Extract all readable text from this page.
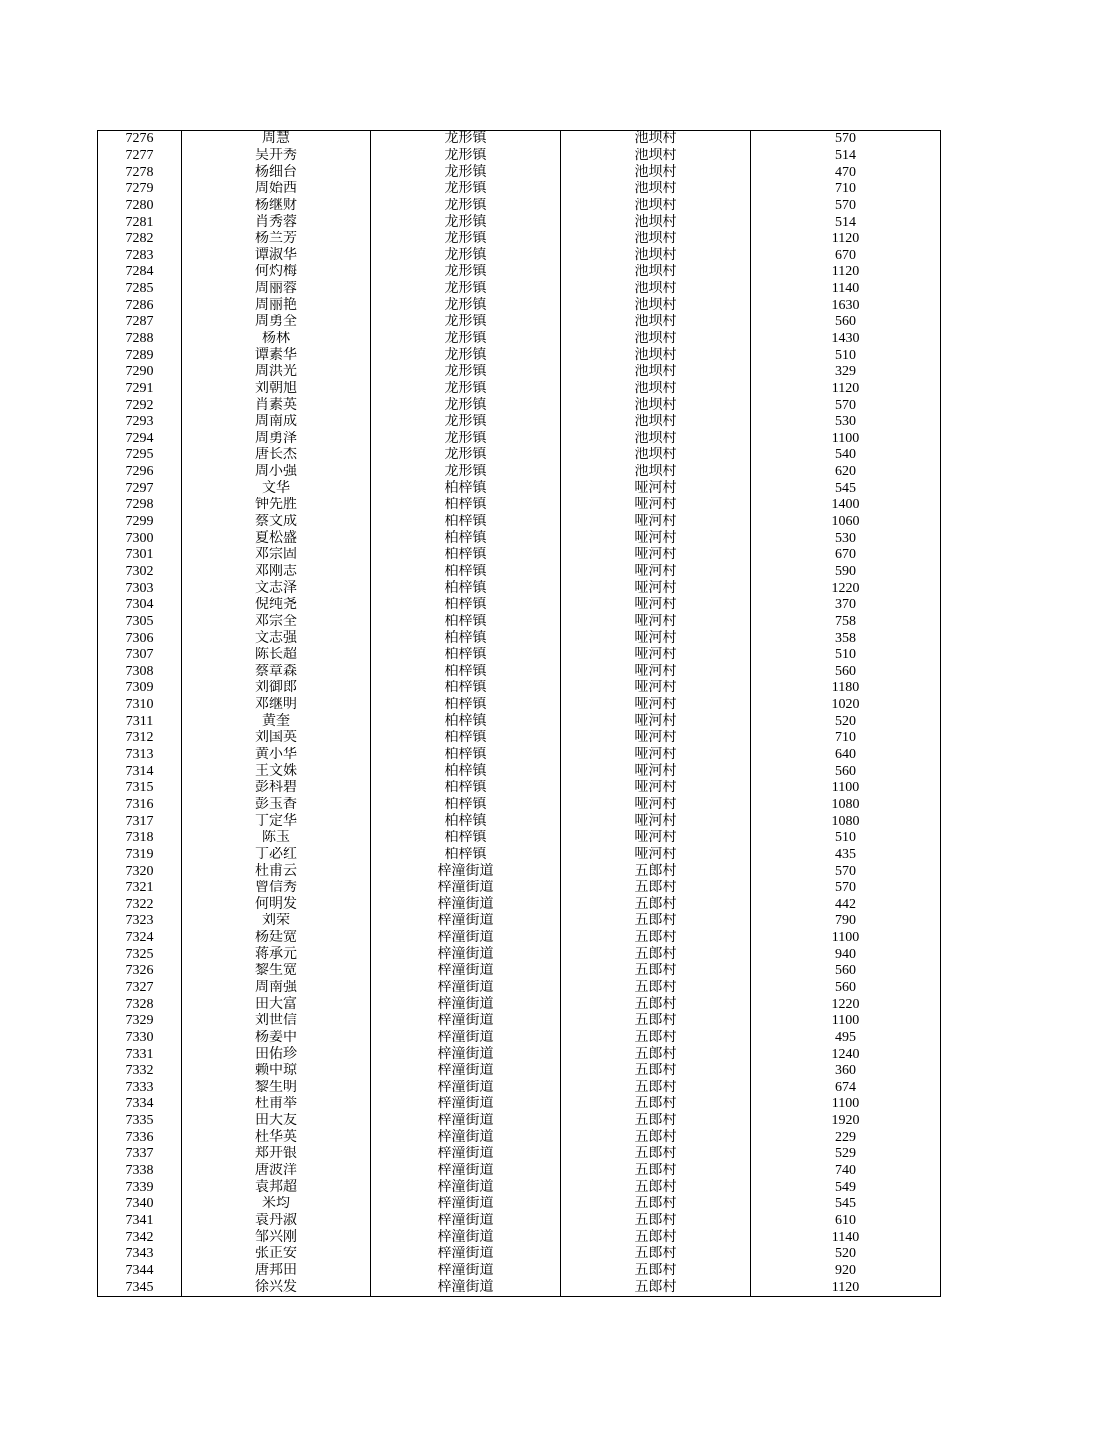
7276	周慧	龙形镇	池坝村	570
7277	吴开秀	龙形镇	池坝村	514
7278	杨细台	龙形镇	池坝村	470
7279	周始西	龙形镇	池坝村	710
7280	杨继财	龙形镇	池坝村	570
7281	肖秀蓉	龙形镇	池坝村	514
7282	杨兰芳	龙形镇	池坝村	1120
7283	谭淑华	龙形镇	池坝村	670
7284	何灼梅	龙形镇	池坝村	1120
7285	周丽蓉	龙形镇	池坝村	1140
7286	周丽艳	龙形镇	池坝村	1630
7287	周勇全	龙形镇	池坝村	560
7288	杨林	龙形镇	池坝村	1430
7289	谭素华	龙形镇	池坝村	510
7290	周洪光	龙形镇	池坝村	329
7291	刘朝旭	龙形镇	池坝村	1120
7292	肖素英	龙形镇	池坝村	570
7293	周南成	龙形镇	池坝村	530
7294	周勇泽	龙形镇	池坝村	1100
7295	唐长杰	龙形镇	池坝村	540
7296	周小强	龙形镇	池坝村	620
7297	文华	柏梓镇	哑河村	545
7298	钟先胜	柏梓镇	哑河村	1400
7299	蔡文成	柏梓镇	哑河村	1060
7300	夏松盛	柏梓镇	哑河村	530
7301	邓宗固	柏梓镇	哑河村	670
7302	邓刚志	柏梓镇	哑河村	590
7303	文志泽	柏梓镇	哑河村	1220
7304	倪纯尧	柏梓镇	哑河村	370
7305	邓宗全	柏梓镇	哑河村	758
7306	文志强	柏梓镇	哑河村	358
7307	陈长超	柏梓镇	哑河村	510
7308	蔡章森	柏梓镇	哑河村	560
7309	刘御郎	柏梓镇	哑河村	1180
7310	邓继明	柏梓镇	哑河村	1020
7311	黄奎	柏梓镇	哑河村	520
7312	刘国英	柏梓镇	哑河村	710
7313	黄小华	柏梓镇	哑河村	640
7314	王文姝	柏梓镇	哑河村	560
7315	彭科碧	柏梓镇	哑河村	1100
7316	彭玉香	柏梓镇	哑河村	1080
7317	丁定华	柏梓镇	哑河村	1080
7318	陈玉	柏梓镇	哑河村	510
7319	丁必红	柏梓镇	哑河村	435
7320	杜甫云	梓潼街道	五郎村	570
7321	曾信秀	梓潼街道	五郎村	570
7322	何明发	梓潼街道	五郎村	442
7323	刘荣	梓潼街道	五郎村	790
7324	杨廷宽	梓潼街道	五郎村	1100
7325	蒋承元	梓潼街道	五郎村	940
7326	黎生宽	梓潼街道	五郎村	560
7327	周南强	梓潼街道	五郎村	560
7328	田大富	梓潼街道	五郎村	1220
7329	刘世信	梓潼街道	五郎村	1100
7330	杨姜中	梓潼街道	五郎村	495
7331	田佑珍	梓潼街道	五郎村	1240
7332	赖中琼	梓潼街道	五郎村	360
7333	黎生明	梓潼街道	五郎村	674
7334	杜甫举	梓潼街道	五郎村	1100
7335	田大友	梓潼街道	五郎村	1920
7336	杜华英	梓潼街道	五郎村	229
7337	郑开银	梓潼街道	五郎村	529
7338	唐波洋	梓潼街道	五郎村	740
7339	袁邦超	梓潼街道	五郎村	549
7340	米均	梓潼街道	五郎村	545
7341	袁丹淑	梓潼街道	五郎村	610
7342	邹兴刚	梓潼街道	五郎村	1140
7343	张正安	梓潼街道	五郎村	520
7344	唐邦田	梓潼街道	五郎村	920
7345	徐兴发	梓潼街道	五郎村	1120
